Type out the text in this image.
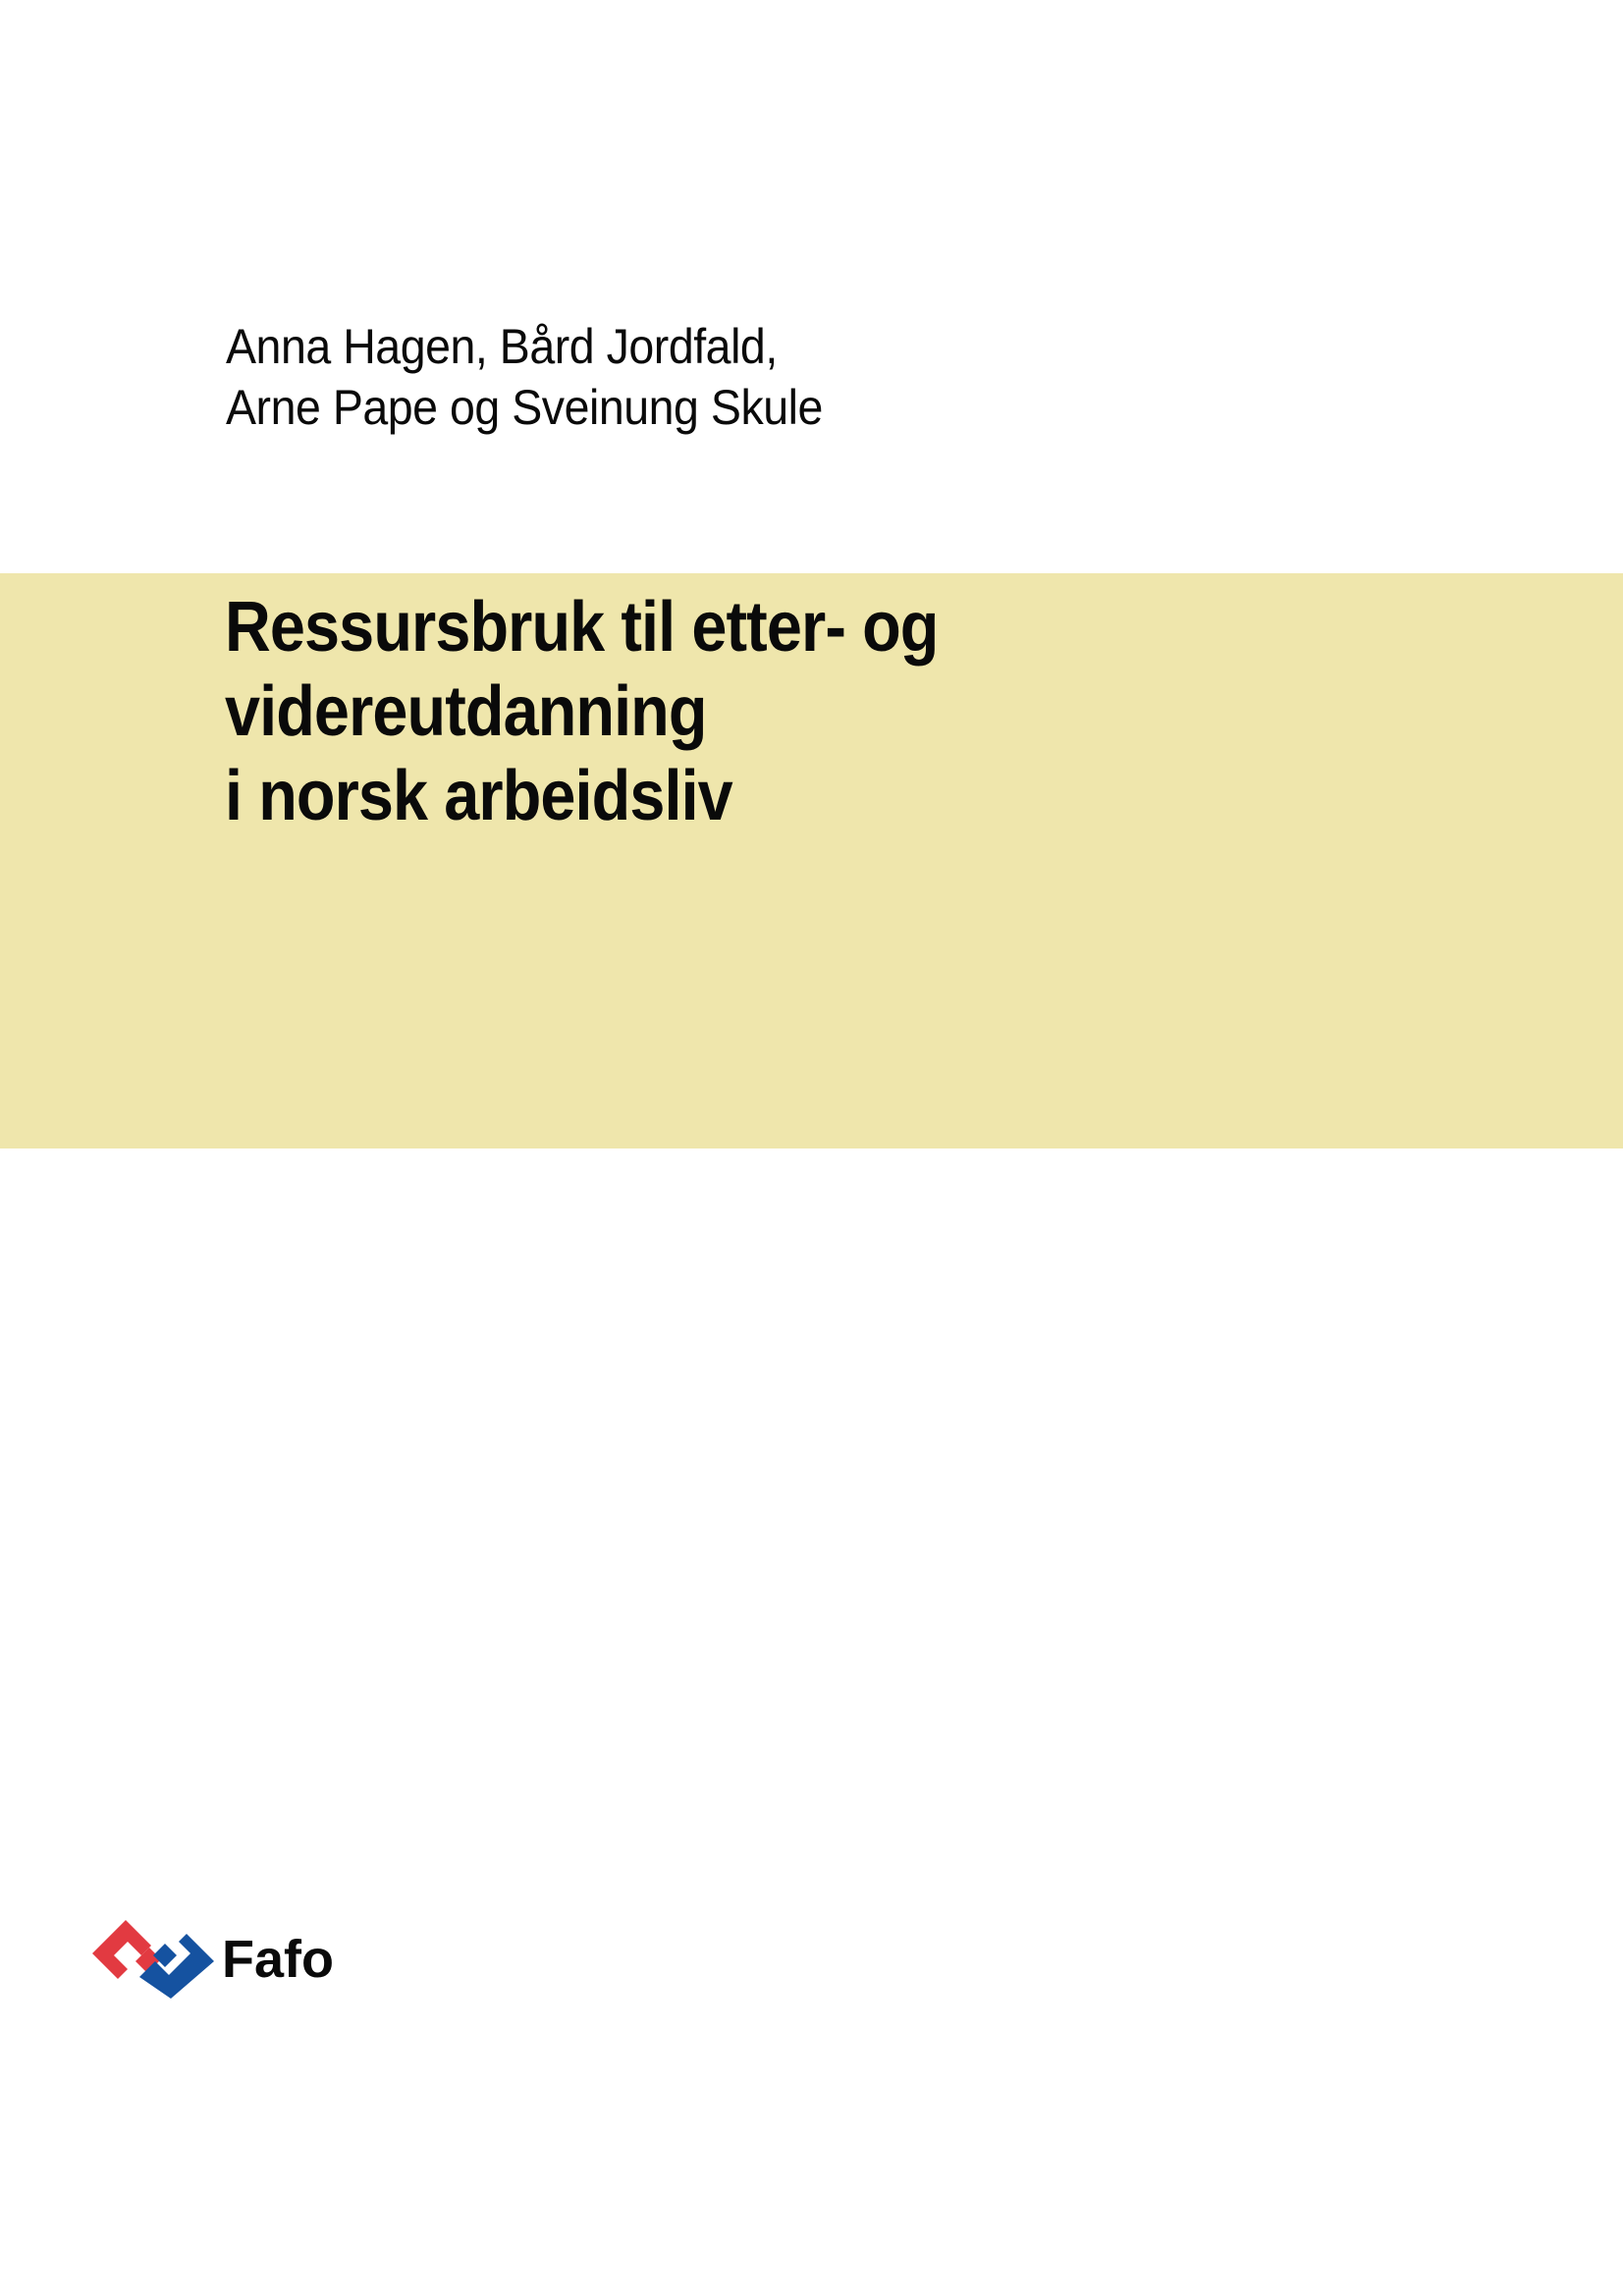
Anna Hagen, Bård Jordfald,
Arne Pape og Sveinung Skule
Ressursbruk til etter- og
videreutdanning
i norsk arbeidsliv
Fafo
